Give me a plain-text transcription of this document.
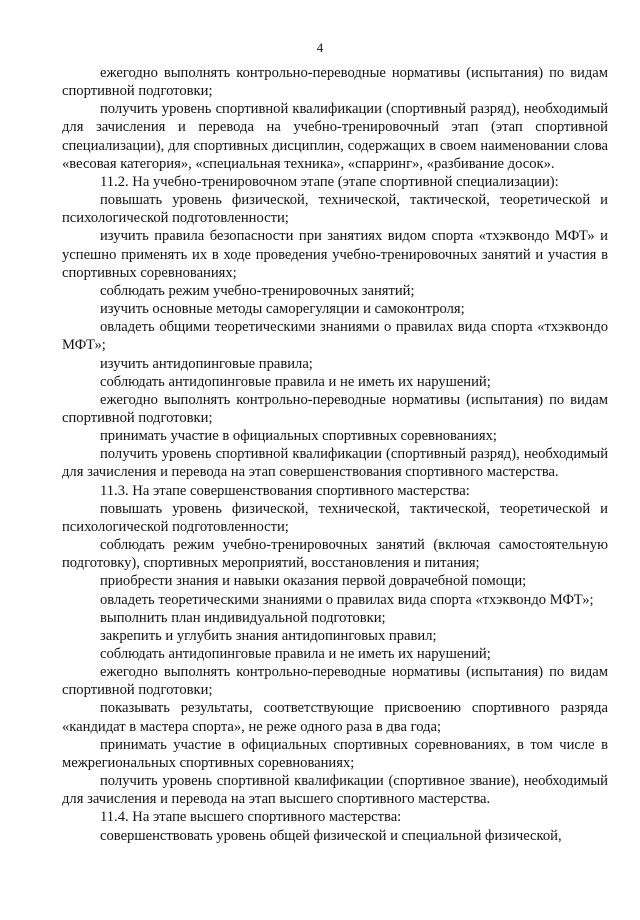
4

ежегодно выполнять контрольно-переводные нормативы (испытания) по видам спортивной подготовки;

получить уровень спортивной квалификации (спортивный разряд), необходимый для зачисления и перевода на учебно-тренировочный этап (этап спортивной специализации), для спортивных дисциплин, содержащих в своем наименовании слова «весовая категория», «специальная техника», «спарринг», «разбивание досок».

11.2. На учебно-тренировочном этапе (этапе спортивной специализации):

повышать уровень физической, технической, тактической, теоретической и психологической подготовленности;

изучить правила безопасности при занятиях видом спорта «тхэквондо МФТ» и успешно применять их в ходе проведения учебно-тренировочных занятий и участия в спортивных соревнованиях;

соблюдать режим учебно-тренировочных занятий;

изучить основные методы саморегуляции и самоконтроля;

овладеть общими теоретическими знаниями о правилах вида спорта «тхэквондо МФТ»;

изучить антидопинговые правила;

соблюдать антидопинговые правила и не иметь их нарушений;

ежегодно выполнять контрольно-переводные нормативы (испытания) по видам спортивной подготовки;

принимать участие в официальных спортивных соревнованиях;

получить уровень спортивной квалификации (спортивный разряд), необходимый для зачисления и перевода на этап совершенствования спортивного мастерства.

11.3. На этапе совершенствования спортивного мастерства:

повышать уровень физической, технической, тактической, теоретической и психологической подготовленности;

соблюдать режим учебно-тренировочных занятий (включая самостоятельную подготовку), спортивных мероприятий, восстановления и питания;

приобрести знания и навыки оказания первой доврачебной помощи;

овладеть теоретическими знаниями о правилах вида спорта «тхэквондо МФТ»;

выполнить план индивидуальной подготовки;

закрепить и углубить знания антидопинговых правил;

соблюдать антидопинговые правила и не иметь их нарушений;

ежегодно выполнять контрольно-переводные нормативы (испытания) по видам спортивной подготовки;

показывать результаты, соответствующие присвоению спортивного разряда «кандидат в мастера спорта», не реже одного раза в два года;

принимать участие в официальных спортивных соревнованиях, в том числе в межрегиональных спортивных соревнованиях;

получить уровень спортивной квалификации (спортивное звание), необходимый для зачисления и перевода на этап высшего спортивного мастерства.

11.4. На этапе высшего спортивного мастерства:

совершенствовать уровень общей физической и специальной физической,
